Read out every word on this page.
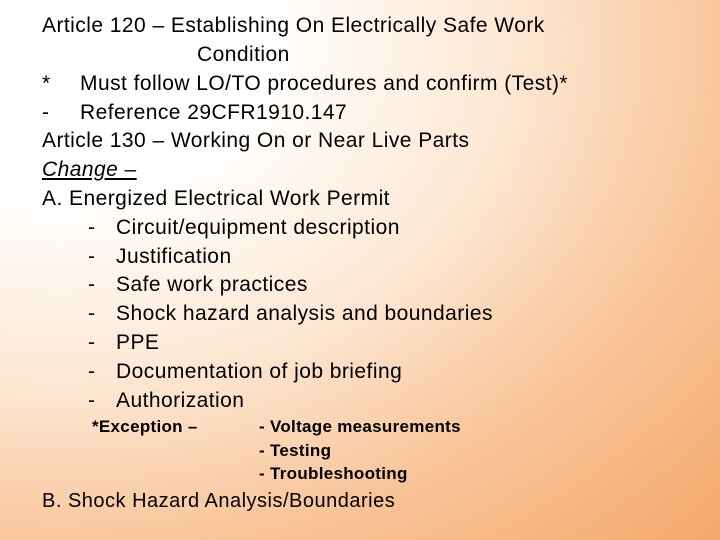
Article 120 – Establishing On Electrically Safe Work
Condition
* Must follow LO/TO procedures and confirm (Test)*
- Reference 29CFR1910.147
Article 130 – Working On or Near Live Parts
Change –
A. Energized Electrical Work Permit
- Circuit/equipment description
- Justification
- Safe work practices
- Shock hazard analysis and boundaries
- PPE
- Documentation of job briefing
- Authorization
*Exception –	- Voltage measurements
- Testing
- Troubleshooting
B. Shock Hazard Analysis/Boundaries
